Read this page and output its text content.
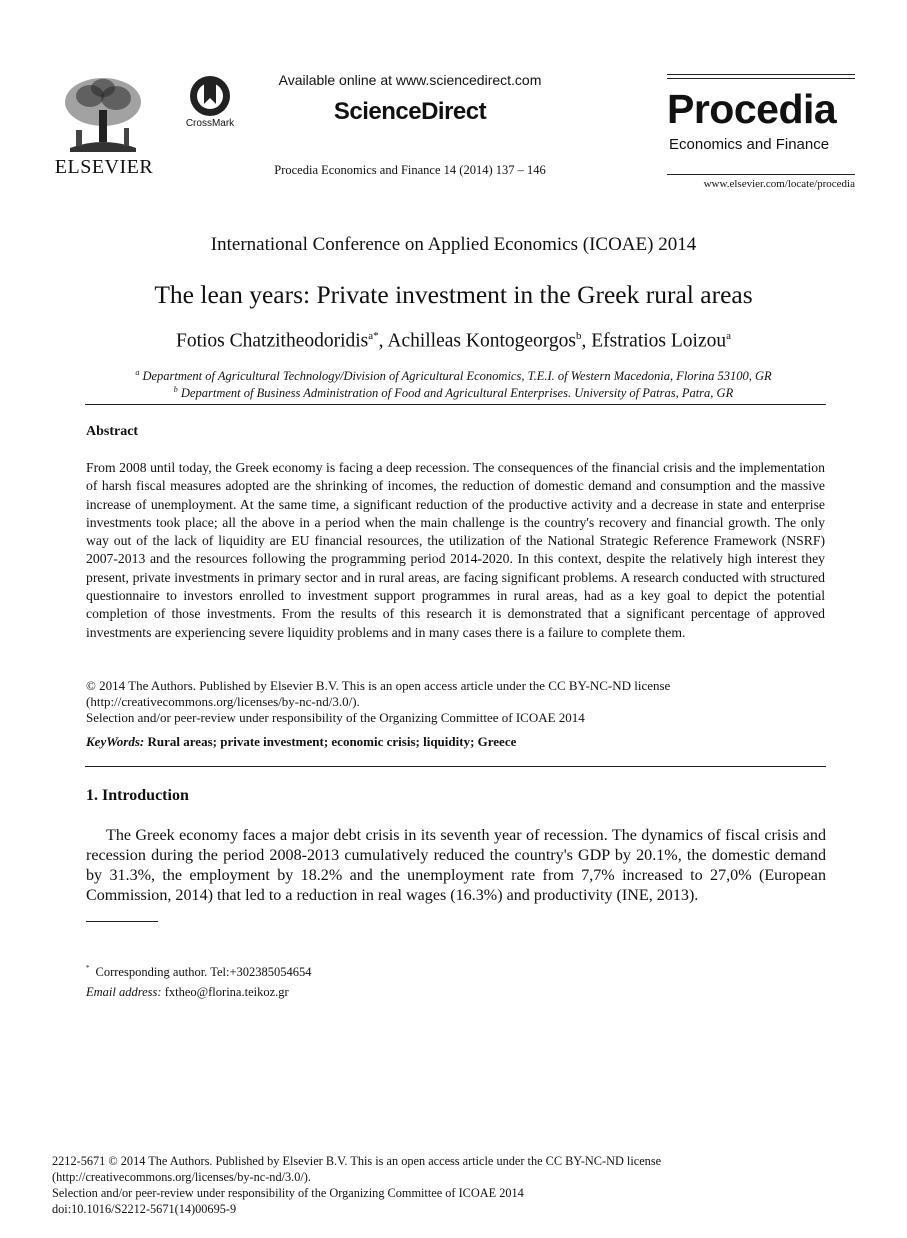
ELSEVIER
CrossMark
Available online at www.sciencedirect.com
ScienceDirect
Procedia Economics and Finance 14 (2014) 137 – 146
Procedia
Economics and Finance
www.elsevier.com/locate/procedia
International Conference on Applied Economics (ICOAE) 2014
The lean years: Private investment in the Greek rural areas
Fotios Chatzitheodoridis$^{a*}$, Achilleas Kontogeorgos$^b$, Efstratios Loizou$^a$
$^a$ Department of Agricultural Technology/Division of Agricultural Economics, T.E.I. of Western Macedonia, Florina 53100, GR
$^b$ Department of Business Administration of Food and Agricultural Enterprises. University of Patras, Patra, GR
Abstract
From 2008 until today, the Greek economy is facing a deep recession. The consequences of the financial crisis and the implementation of harsh fiscal measures adopted are the shrinking of incomes, the reduction of domestic demand and consumption and the massive increase of unemployment. At the same time, a significant reduction of the productive activity and a decrease in state and enterprise investments took place; all the above in a period when the main challenge is the country's recovery and financial growth. The only way out of the lack of liquidity are EU financial resources, the utilization of the National Strategic Reference Framework (NSRF) 2007-2013 and the resources following the programming period 2014-2020. In this context, despite the relatively high interest they present, private investments in primary sector and in rural areas, are facing significant problems. A research conducted with structured questionnaire to investors enrolled to investment support programmes in rural areas, had as a key goal to depict the potential completion of those investments. From the results of this research it is demonstrated that a significant percentage of approved investments are experiencing severe liquidity problems and in many cases there is a failure to complete them.
© 2014 The Authors. Published by Elsevier B.V. This is an open access article under the CC BY-NC-ND license
(http://creativecommons.org/licenses/by-nc-nd/3.0/).
Selection and/or peer-review under responsibility of the Organizing Committee of ICOAE 2014
KeyWords: Rural areas; private investment; economic crisis; liquidity; Greece
1. Introduction
The Greek economy faces a major debt crisis in its seventh year of recession. The dynamics of fiscal crisis and recession during the period 2008-2013 cumulatively reduced the country's GDP by 20.1%, the domestic demand by 31.3%, the employment by 18.2% and the unemployment rate from 7,7% increased to 27,0% (European Commission, 2014) that led to a reduction in real wages (16.3%) and productivity (INE, 2013).
* Corresponding author. Tel:+302385054654
Email address: fxtheo@florina.teikoz.gr
2212-5671 © 2014 The Authors. Published by Elsevier B.V. This is an open access article under the CC BY-NC-ND license
(http://creativecommons.org/licenses/by-nc-nd/3.0/).
Selection and/or peer-review under responsibility of the Organizing Committee of ICOAE 2014
doi:10.1016/S2212-5671(14)00695-9
